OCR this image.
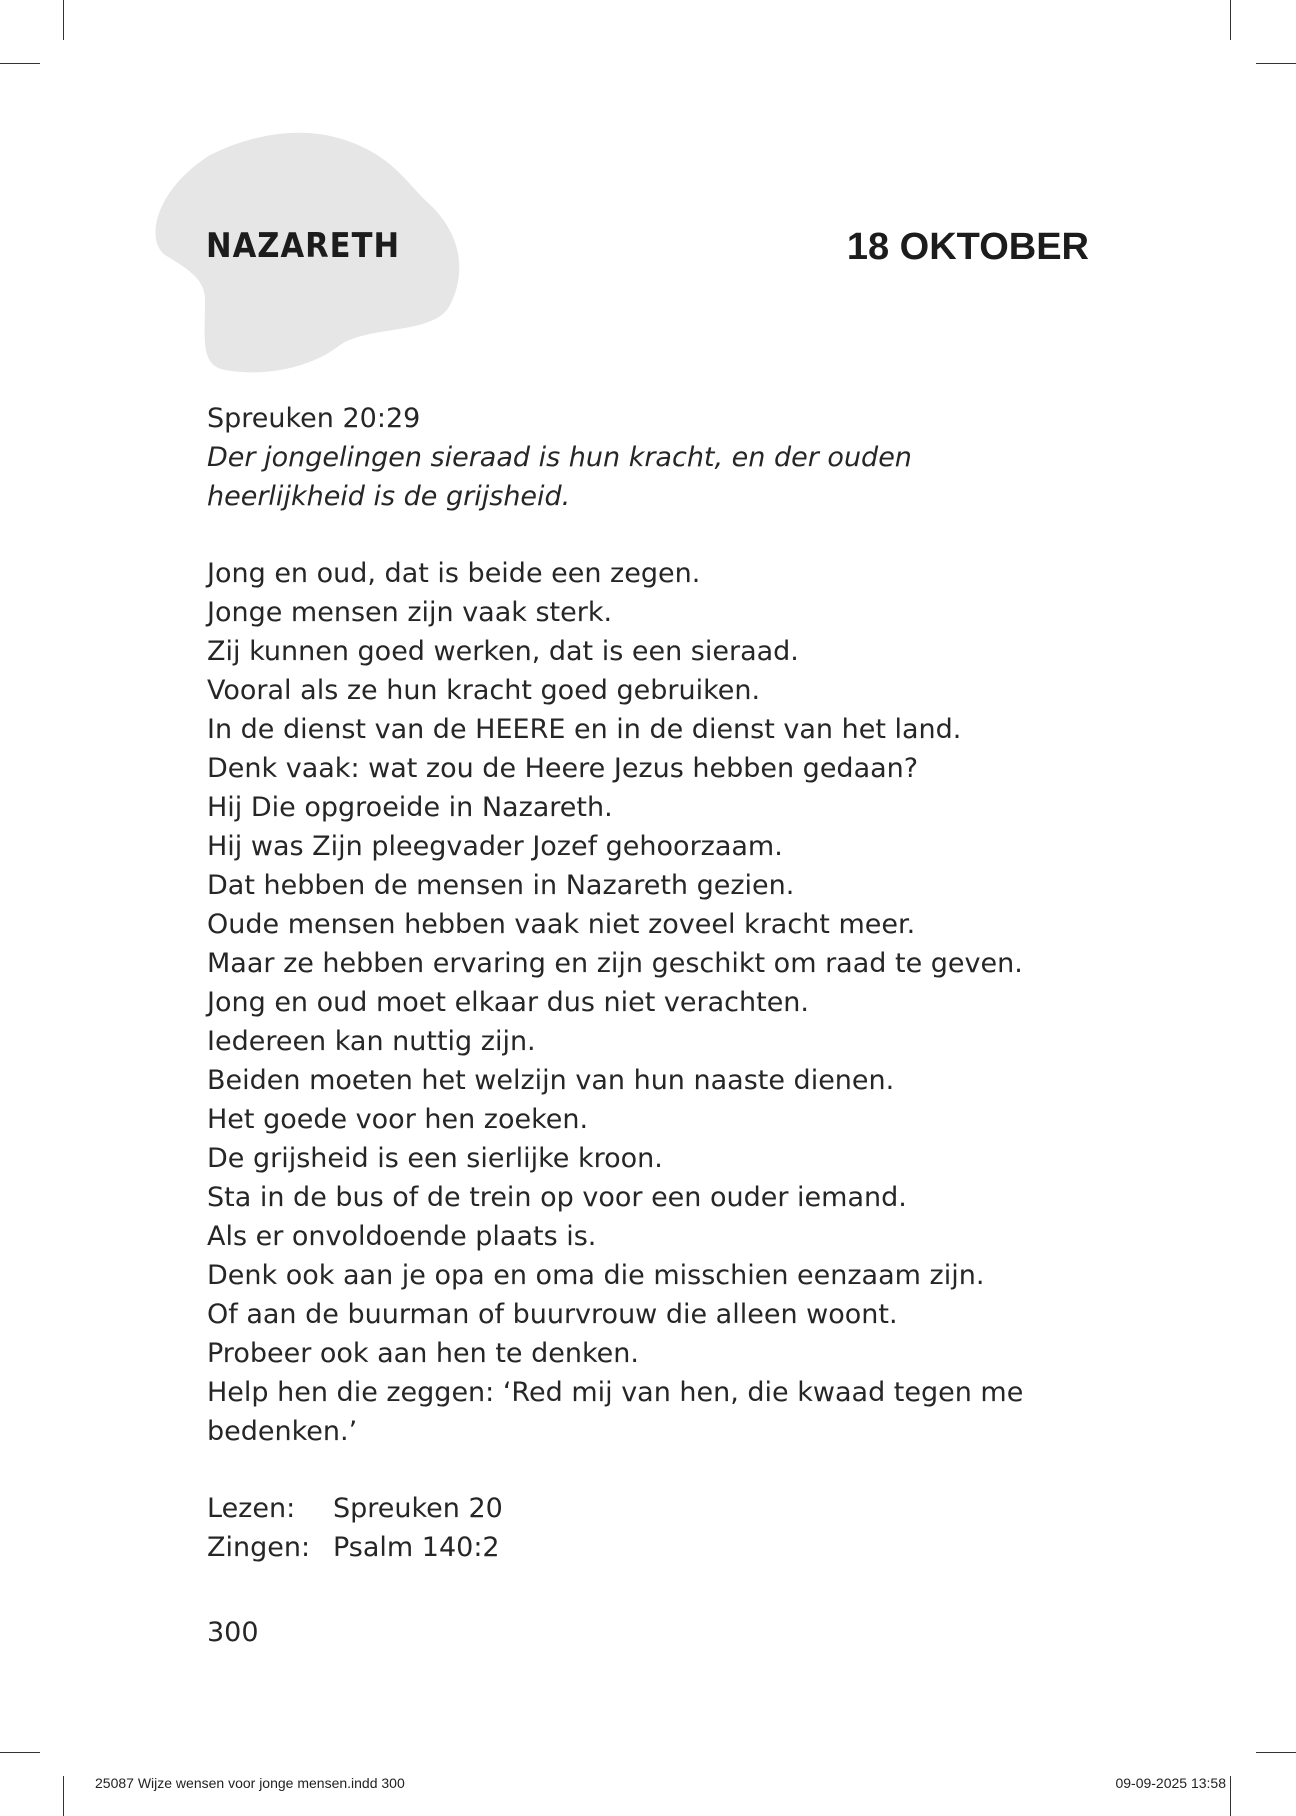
NAZARETH	18 OKTOBER
Spreuken 20:29
Der jongelingen sieraad is hun kracht, en der ouden
heerlijkheid is de grijsheid.
Jong en oud, dat is beide een zegen.
Jonge mensen zijn vaak sterk.
Zij kunnen goed werken, dat is een sieraad.
Vooral als ze hun kracht goed gebruiken.
In de dienst van de HEERE en in de dienst van het land.
Denk vaak: wat zou de Heere Jezus hebben gedaan?
Hij Die opgroeide in Nazareth.
Hij was Zijn pleegvader Jozef gehoorzaam.
Dat hebben de mensen in Nazareth gezien.
Oude mensen hebben vaak niet zoveel kracht meer.
Maar ze hebben ervaring en zijn geschikt om raad te geven.
Jong en oud moet elkaar dus niet verachten.
Iedereen kan nuttig zijn.
Beiden moeten het welzijn van hun naaste dienen.
Het goede voor hen zoeken.
De grijsheid is een sierlijke kroon.
Sta in de bus of de trein op voor een ouder iemand.
Als er onvoldoende plaats is.
Denk ook aan je opa en oma die misschien eenzaam zijn.
Of aan de buurman of buurvrouw die alleen woont.
Probeer ook aan hen te denken.
Help hen die zeggen: ‘Red mij van hen, die kwaad tegen me
bedenken.’
Lezen:	Spreuken 20
Zingen: Psalm 140:2
300
25087 Wijze wensen voor jonge mensen.indd 300	09-09-2025 13:58
